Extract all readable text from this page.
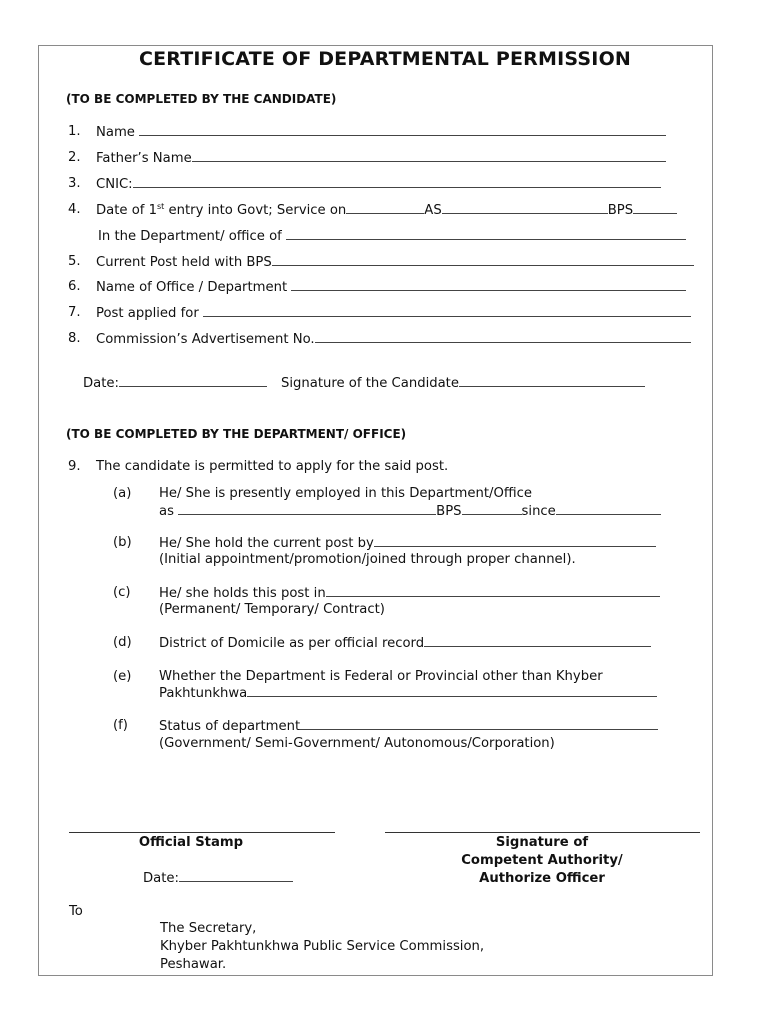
CERTIFICATE OF DEPARTMENTAL PERMISSION
(TO BE COMPLETED BY THE CANDIDATE)
1. Name
2. Father’s Name
3. CNIC:
4. Date of 1st entry into Govt; Service on	AS	BPS
In the Department/ office of
5. Current Post held with BPS
6. Name of Office / Department
7. Post applied for
8. Commission’s Advertisement No.
Date:	Signature of the Candidate
(TO BE COMPLETED BY THE DEPARTMENT/ OFFICE)
9. The candidate is permitted to apply for the said post.
(a) He/ She is presently employed in this Department/Office
as	BPS	since
(b) He/ She hold the current post by
(Initial appointment/promotion/joined through proper channel).
(c) He/ she holds this post in
(Permanent/ Temporary/ Contract)
(d) District of Domicile as per official record
(e) Whether the Department is Federal or Provincial other than Khyber
Pakhtunkhwa
(f) Status of department
(Government/ Semi-Government/ Autonomous/Corporation)
Official Stamp
Date:
Signature of
Competent Authority/
Authorize Officer
To
The Secretary,
Khyber Pakhtunkhwa Public Service Commission,
Peshawar.
